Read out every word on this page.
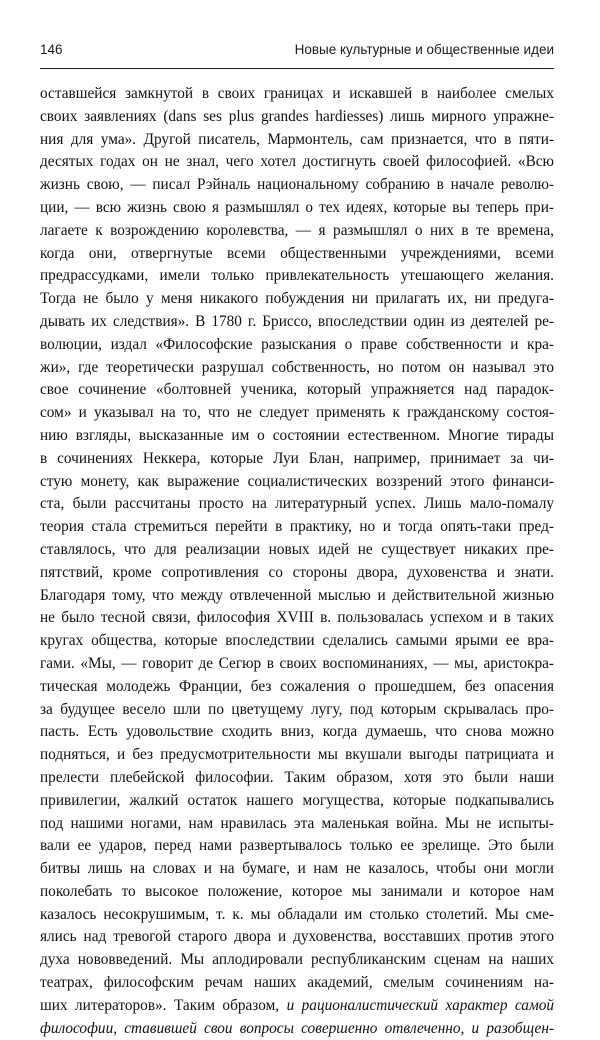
146	Новые культурные и общественные идеи
оставшейся замкнутой в своих границах и искавшей в наиболее смелых
своих заявлениях (dans ses plus grandes hardiesses) лишь мирного упражне-
ния для ума». Другой писатель, Мармонтель, сам признается, что в пяти-
десятых годах он не знал, чего хотел достигнуть своей философией. «Всю
жизнь свою, — писал Рэйналь национальному собранию в начале револю-
ции, — всю жизнь свою я размышлял о тех идеях, которые вы теперь при-
лагаете к возрождению королевства, — я размышлял о них в те времена,
когда они, отвергнутые всеми общественными учреждениями, всеми
предрассудками, имели только привлекательность утешающего желания.
Тогда не было у меня никакого побуждения ни прилагать их, ни предуга-
дывать их следствия». В 1780 г. Бриссо, впоследствии один из деятелей ре-
волюции, издал «Философские разыскания о праве собственности и кра-
жи», где теоретически разрушал собственность, но потом он называл это
свое сочинение «болтовней ученика, который упражняется над парадок-
сом» и указывал на то, что не следует применять к гражданскому состоя-
нию взгляды, высказанные им о состоянии естественном. Многие тирады
в сочинениях Неккера, которые Луи Блан, например, принимает за чи-
стую монету, как выражение социалистических воззрений этого финанси-
ста, были рассчитаны просто на литературный успех. Лишь мало-помалу
теория стала стремиться перейти в практику, но и тогда опять-таки пред-
ставлялось, что для реализации новых идей не существует никаких пре-
пятствий, кроме сопротивления со стороны двора, духовенства и знати.
Благодаря тому, что между отвлеченной мыслью и действительной жизнью
не было тесной связи, философия XVIII в. пользовалась успехом и в таких
кругах общества, которые впоследствии сделались самыми ярыми ее вра-
гами. «Мы, — говорит де Сегюр в своих воспоминаниях, — мы, аристокра-
тическая молодежь Франции, без сожаления о прошедшем, без опасения
за будущее весело шли по цветущему лугу, под которым скрывалась про-
пасть. Есть удовольствие сходить вниз, когда думаешь, что снова можно
подняться, и без предусмотрительности мы вкушали выгоды патрициата и
прелести плебейской философии. Таким образом, хотя это были наши
привилегии, жалкий остаток нашего могущества, которые подкапывались
под нашими ногами, нам нравилась эта маленькая война. Мы не испыты-
вали ее ударов, перед нами развертывалось только ее зрелище. Это были
битвы лишь на словах и на бумаге, и нам не казалось, чтобы они могли
поколебать то высокое положение, которое мы занимали и которое нам
казалось несокрушимым, т. к. мы обладали им столько столетий. Мы сме-
ялись над тревогой старого двора и духовенства, восставших против этого
духа нововведений. Мы аплодировали республиканским сценам на наших
театрах, философским речам наших академий, смелым сочинениям на-
ших литераторов». Таким образом, и рационалистический характер самой
философии, ставившей свои вопросы совершенно отвлеченно, и разобщен-
